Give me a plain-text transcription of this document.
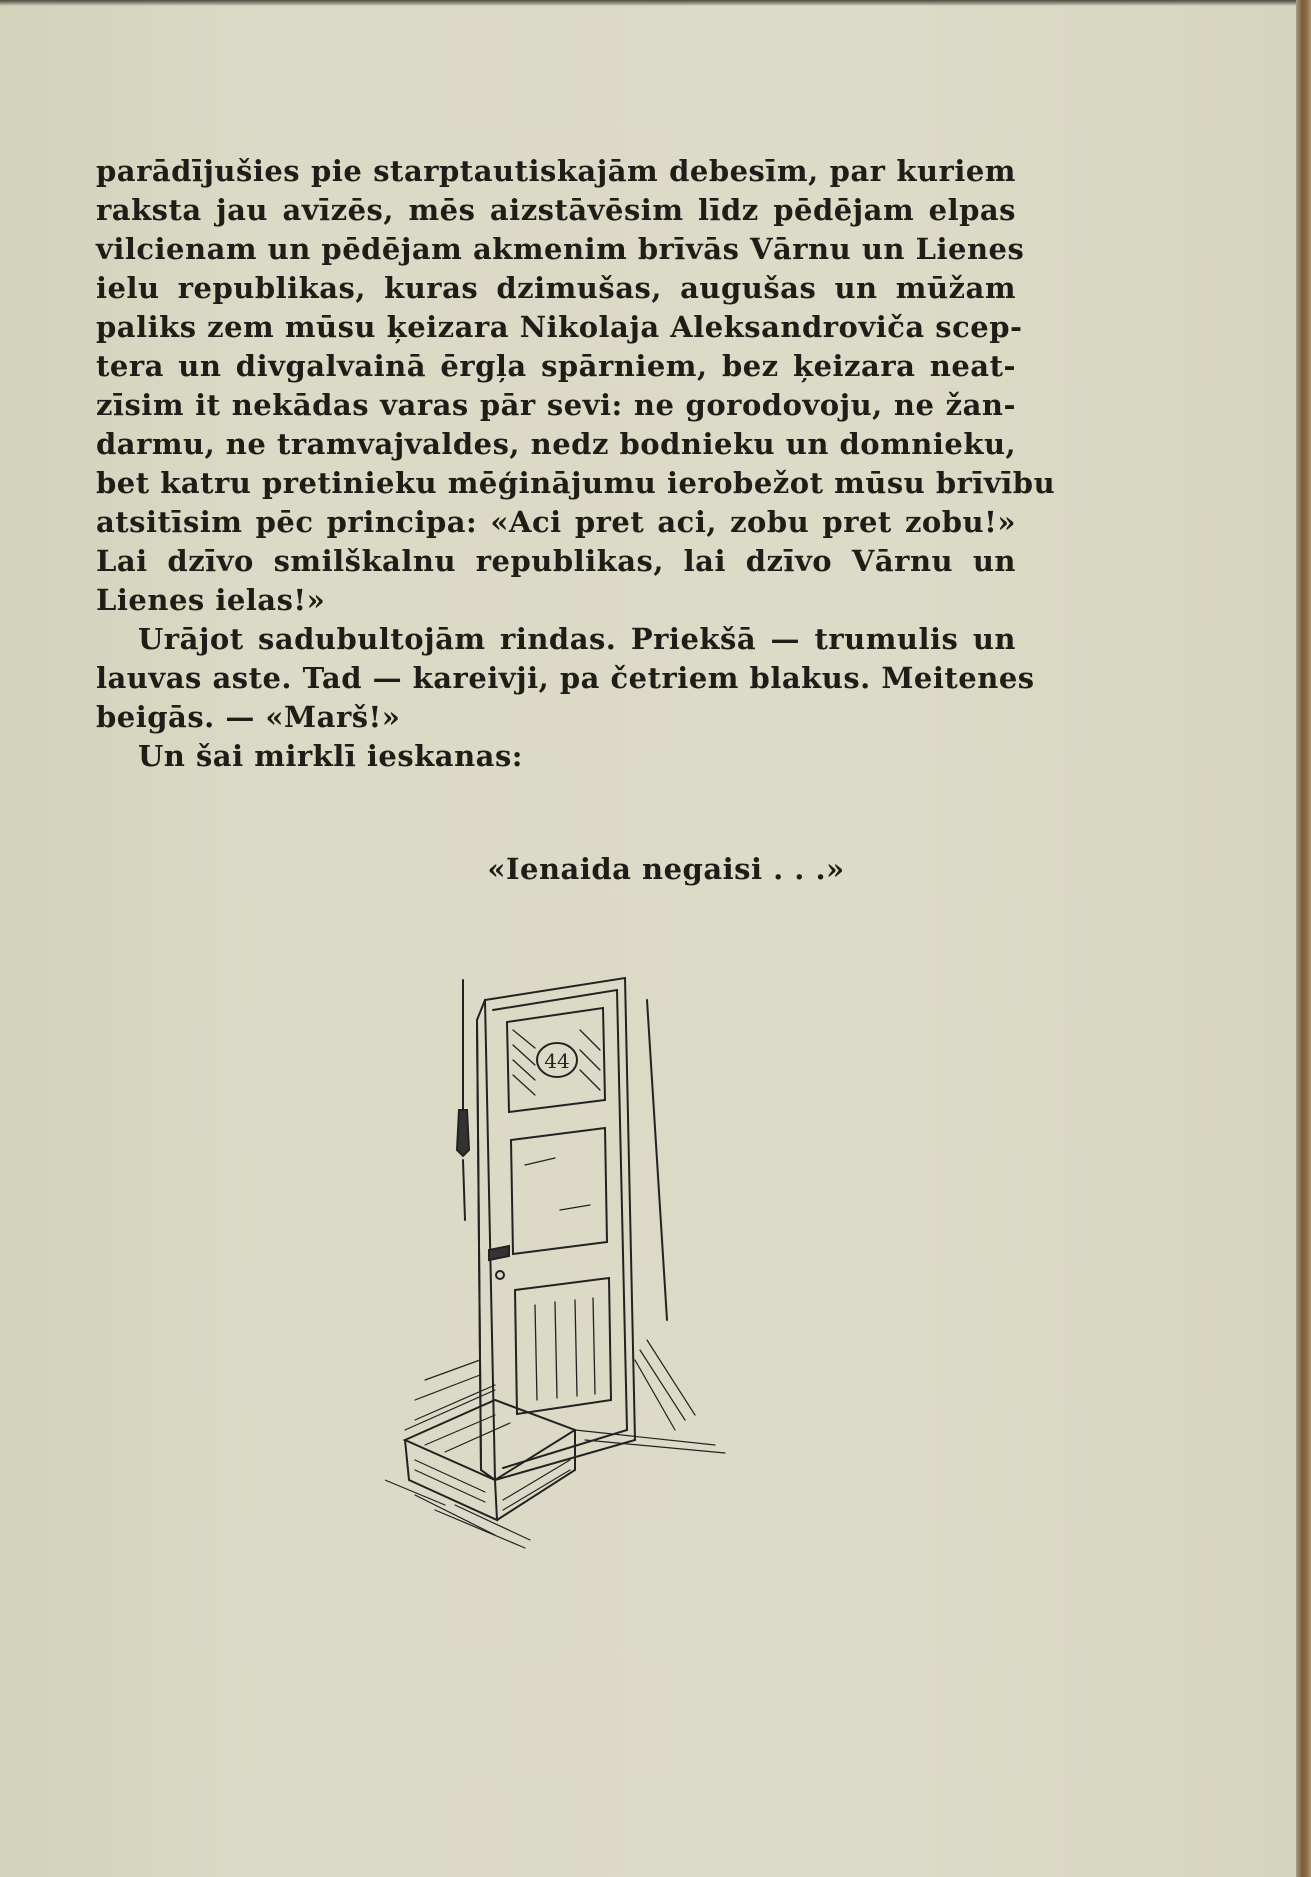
parādījušies pie starptautiskajām debesīm, par kuriem
raksta jau avīzēs, mēs aizstāvēsim līdz pēdējam elpas
vilcienam un pēdējam akmenim brīvās Vārnu un Lienes
ielu republikas, kuras dzimušas, augušas un mūžam
paliks zem mūsu ķeizara Nikolaja Aleksandroviča scep-
tera un divgalvainā ērgļa spārniem, bez ķeizara neat-
zīsim it nekādas varas pār sevi: ne gorodovoju, ne žan-
darmu, ne tramvajvaldes, nedz bodnieku un domnieku,
bet katru pretinieku mēģinājumu ierobežot mūsu brīvību
atsitīsim pēc principa: «Aci pret aci, zobu pret zobu!»
Lai dzīvo smilškalnu republikas, lai dzīvo Vārnu un
Lienes ielas!»
Urājot sadubultojām rindas. Priekšā — trumulis un
lauvas aste. Tad — kareivji, pa četriem blakus. Meitenes
beigās. — «Marš!»
Un šai mirklī ieskanas:
«Ienaida negaisi . . .»
44
